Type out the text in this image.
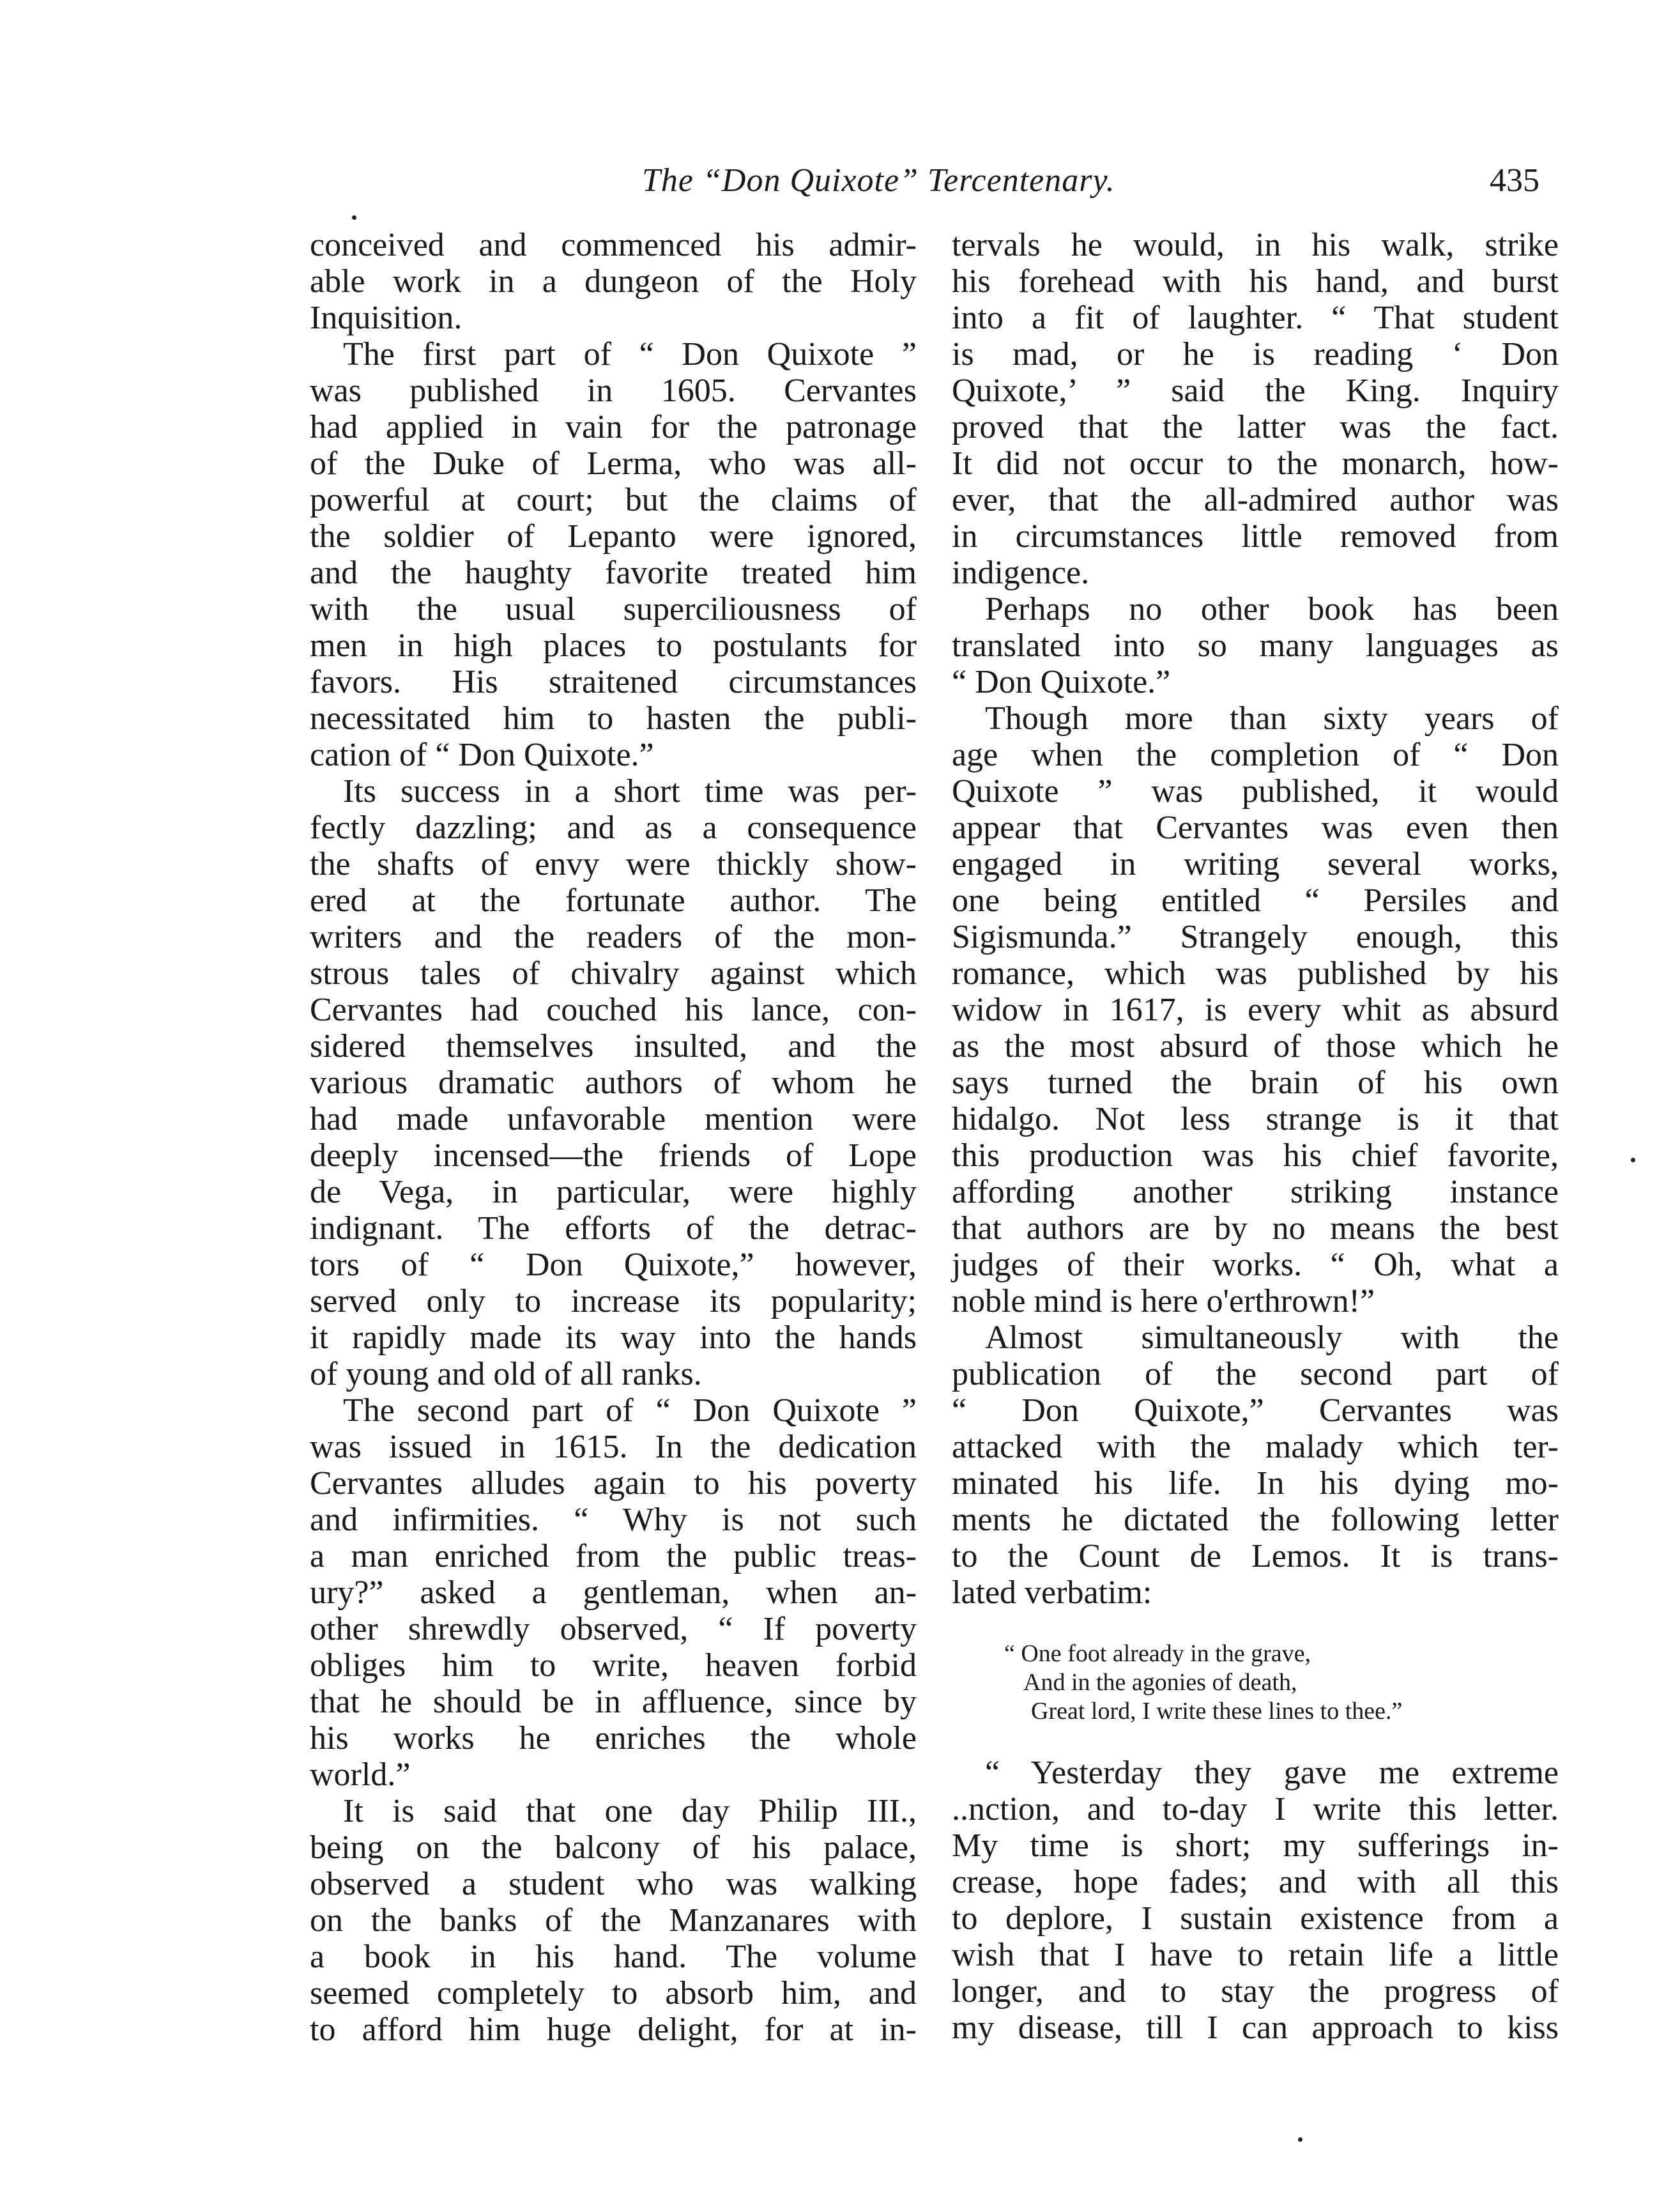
The “Don Quixote” Tercentenary.	435
conceived and commenced his admir-
able work in a dungeon of the Holy
Inquisition.
The first part of “ Don Quixote ”
was published in 1605. Cervantes
had applied in vain for the patronage
of the Duke of Lerma, who was all-
powerful at court; but the claims of
the soldier of Lepanto were ignored,
and the haughty favorite treated him
with the usual superciliousness of
men in high places to postulants for
favors. His straitened circumstances
necessitated him to hasten the publi-
cation of “ Don Quixote.”
Its success in a short time was per-
fectly dazzling; and as a consequence
the shafts of envy were thickly show-
ered at the fortunate author. The
writers and the readers of the mon-
strous tales of chivalry against which
Cervantes had couched his lance, con-
sidered themselves insulted, and the
various dramatic authors of whom he
had made unfavorable mention were
deeply incensed—the friends of Lope
de Vega, in particular, were highly
indignant. The efforts of the detrac-
tors of “ Don Quixote,” however,
served only to increase its popularity;
it rapidly made its way into the hands
of young and old of all ranks.
The second part of “ Don Quixote ”
was issued in 1615. In the dedication
Cervantes alludes again to his poverty
and infirmities. “ Why is not such
a man enriched from the public treas-
ury?” asked a gentleman, when an-
other shrewdly observed, “ If poverty
obliges him to write, heaven forbid
that he should be in affluence, since by
his works he enriches the whole
world.”
It is said that one day Philip III.,
being on the balcony of his palace,
observed a student who was walking
on the banks of the Manzanares with
a book in his hand. The volume
seemed completely to absorb him, and
to afford him huge delight, for at in-
tervals he would, in his walk, strike
his forehead with his hand, and burst
into a fit of laughter. “ That student
is mad, or he is reading ‘ Don
Quixote,’ ” said the King. Inquiry
proved that the latter was the fact.
It did not occur to the monarch, how-
ever, that the all-admired author was
in circumstances little removed from
indigence.
Perhaps no other book has been
translated into so many languages as
“ Don Quixote.”
Though more than sixty years of
age when the completion of “ Don
Quixote ” was published, it would
appear that Cervantes was even then
engaged in writing several works,
one being entitled “ Persiles and
Sigismunda.” Strangely enough, this
romance, which was published by his
widow in 1617, is every whit as absurd
as the most absurd of those which he
says turned the brain of his own
hidalgo. Not less strange is it that
this production was his chief favorite,
affording another striking instance
that authors are by no means the best
judges of their works. “ Oh, what a
noble mind is here o'erthrown!”
Almost simultaneously with the
publication of the second part of
“ Don Quixote,” Cervantes was
attacked with the malady which ter-
minated his life. In his dying mo-
ments he dictated the following letter
to the Count de Lemos. It is trans-
lated verbatim:
“ One foot already in the grave,
And in the agonies of death,
Great lord, I write these lines to thee.”
“ Yesterday they gave me extreme
..nction, and to-day I write this letter.
My time is short; my sufferings in-
crease, hope fades; and with all this
to deplore, I sustain existence from a
wish that I have to retain life a little
longer, and to stay the progress of
my disease, till I can approach to kiss
